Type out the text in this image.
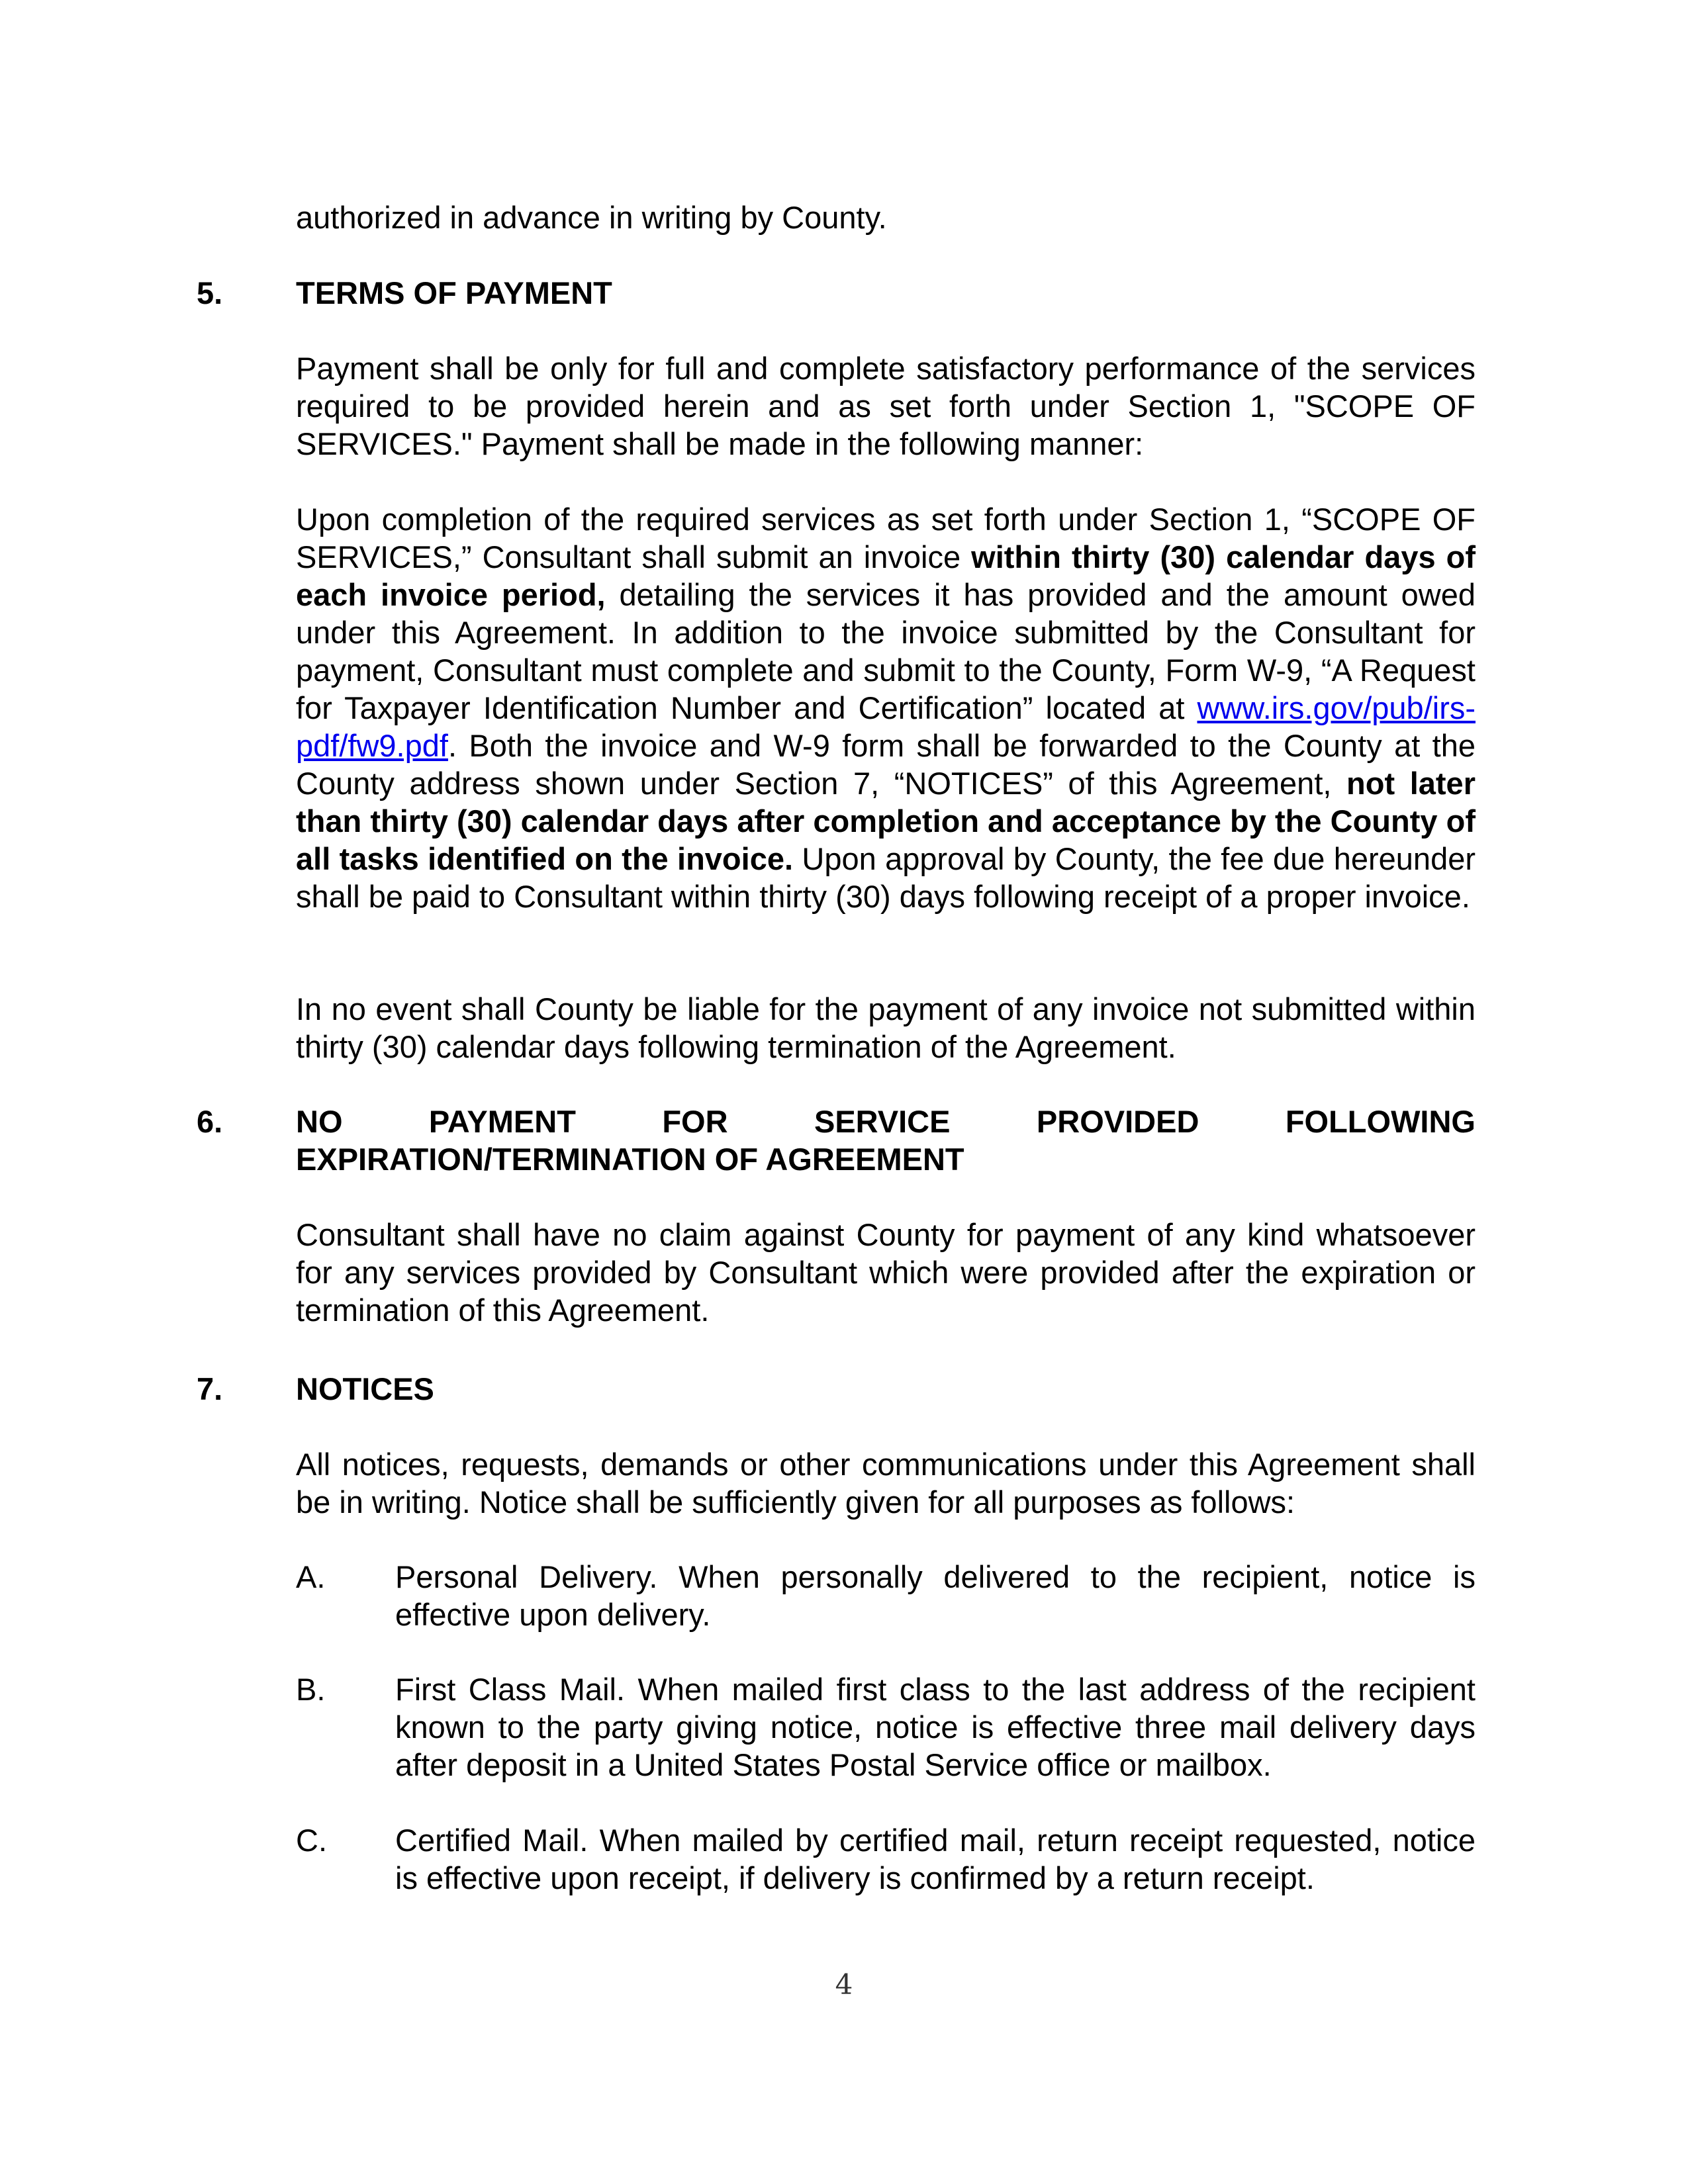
authorized in advance in writing by County.

5. TERMS OF PAYMENT

Payment shall be only for full and complete satisfactory performance of the services required to be provided herein and as set forth under Section 1, "SCOPE OF SERVICES." Payment shall be made in the following manner:

Upon completion of the required services as set forth under Section 1, “SCOPE OF SERVICES,” Consultant shall submit an invoice within thirty (30) calendar days of each invoice period, detailing the services it has provided and the amount owed under this Agreement. In addition to the invoice submitted by the Consultant for payment, Consultant must complete and submit to the County, Form W-9, “A Request for Taxpayer Identification Number and Certification” located at www.irs.gov/pub/irs-pdf/fw9.pdf. Both the invoice and W-9 form shall be forwarded to the County at the County address shown under Section 7, “NOTICES” of this Agreement, not later than thirty (30) calendar days after completion and acceptance by the County of all tasks identified on the invoice. Upon approval by County, the fee due hereunder shall be paid to Consultant within thirty (30) days following receipt of a proper invoice.

In no event shall County be liable for the payment of any invoice not submitted within thirty (30) calendar days following termination of the Agreement.

6. NO PAYMENT FOR SERVICE PROVIDED FOLLOWING
EXPIRATION/TERMINATION OF AGREEMENT

Consultant shall have no claim against County for payment of any kind whatsoever for any services provided by Consultant which were provided after the expiration or termination of this Agreement.

7. NOTICES

All notices, requests, demands or other communications under this Agreement shall be in writing. Notice shall be sufficiently given for all purposes as follows:

A. Personal Delivery. When personally delivered to the recipient, notice is effective upon delivery.
B. First Class Mail. When mailed first class to the last address of the recipient known to the party giving notice, notice is effective three mail delivery days after deposit in a United States Postal Service office or mailbox.
C. Certified Mail. When mailed by certified mail, return receipt requested, notice is effective upon receipt, if delivery is confirmed by a return receipt.
4
